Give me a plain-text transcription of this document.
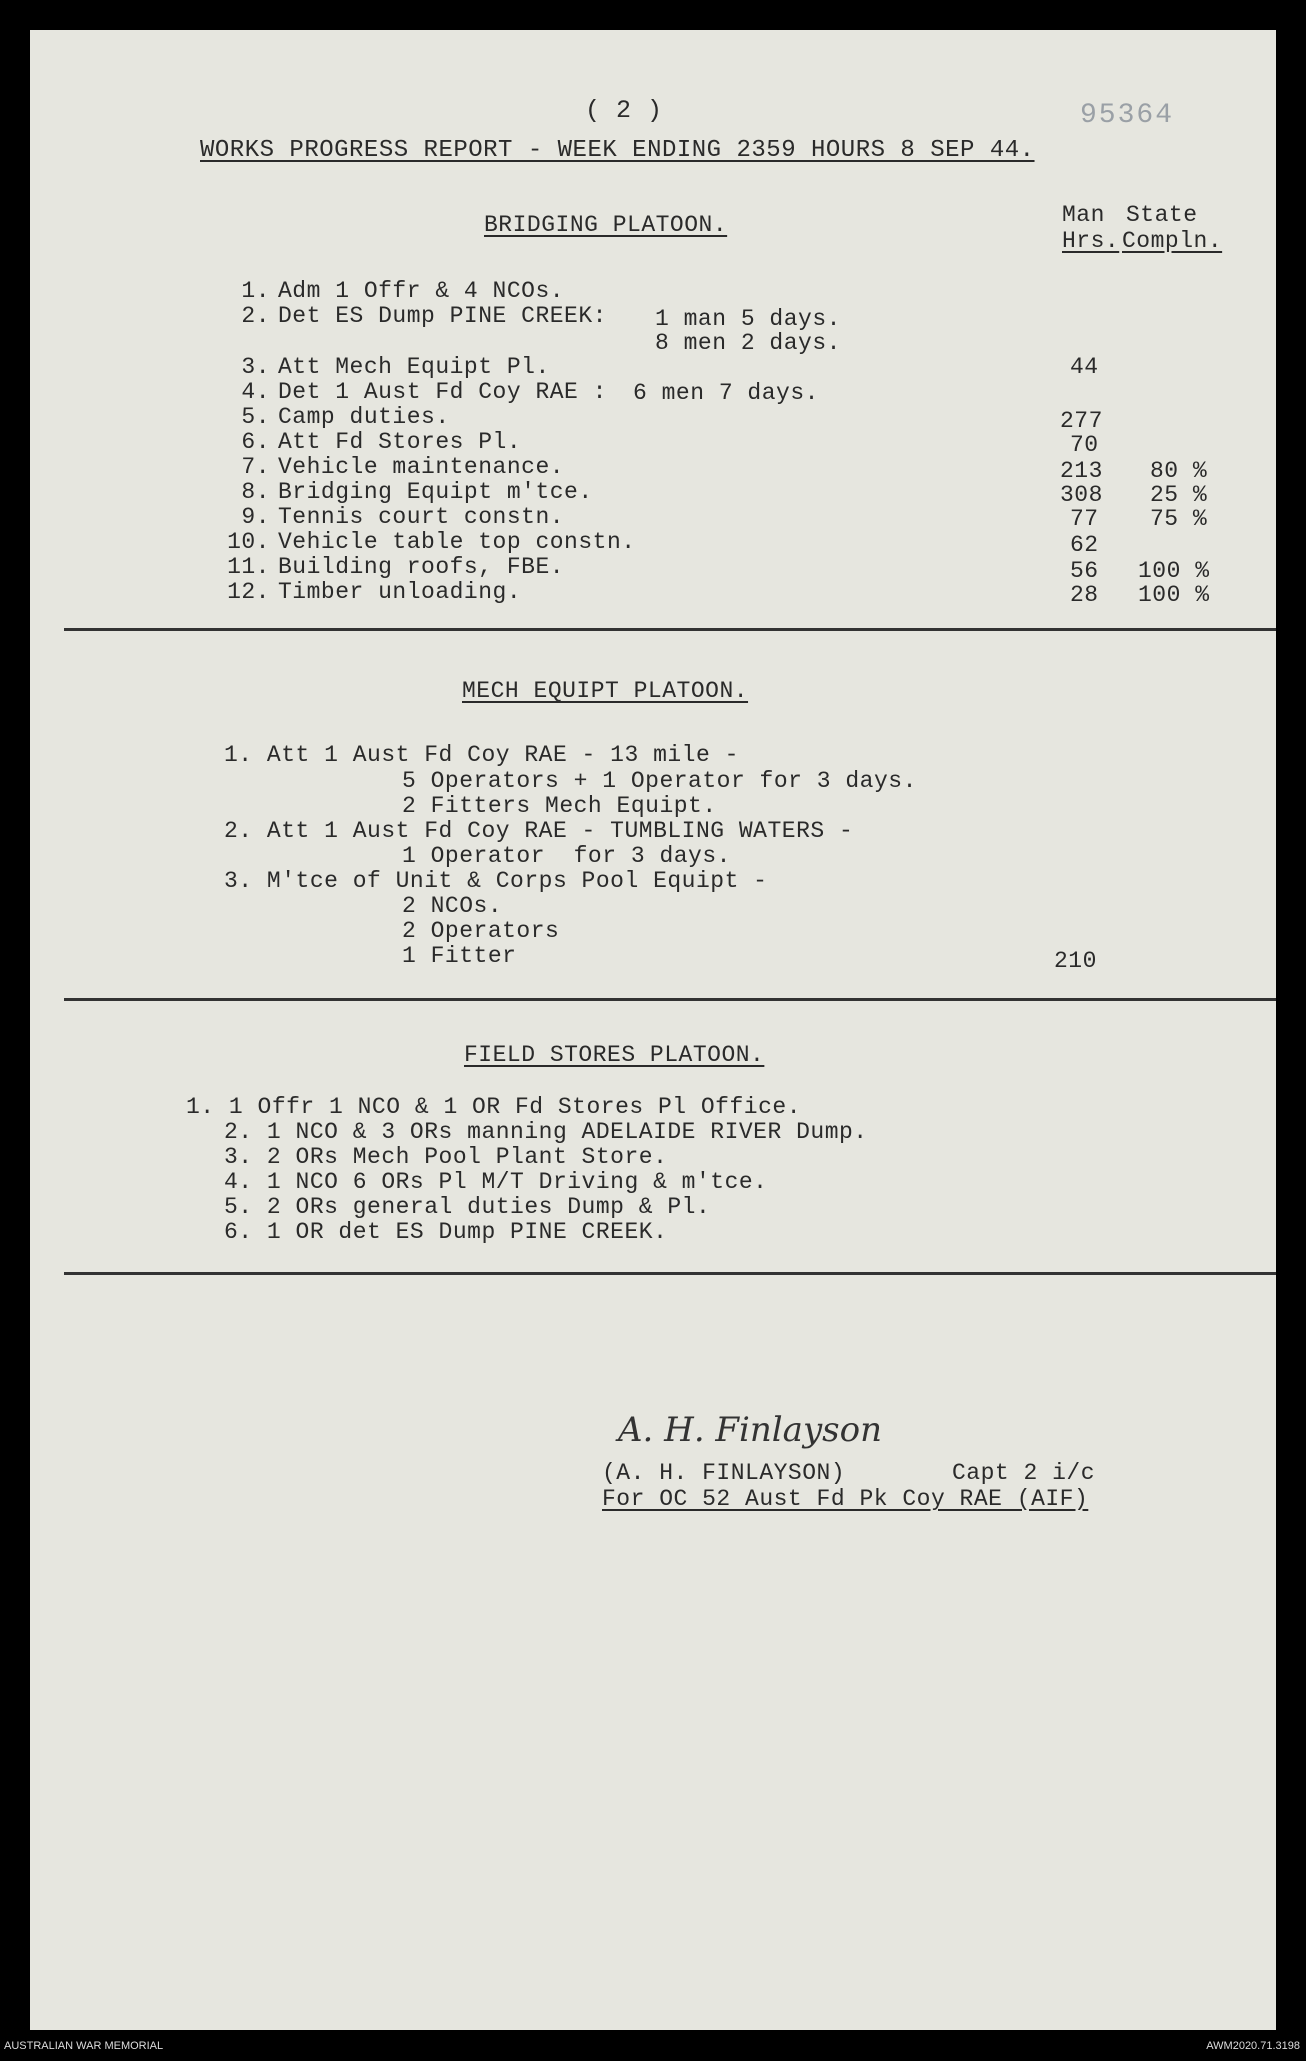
( 2 )	95364
WORKS PROGRESS REPORT - WEEK ENDING 2359 HOURS 8 SEP 44.
Man
Hrs.
State
Compln.
BRIDGING PLATOON.
1. Adm 1 Offr & 4 NCOs.
2. Det ES Dump PINE CREEK: 1 man 5 days.
8 men 2 days.
3. Att Mech Equipt Pl.	44
4. Det 1 Aust Fd Coy RAE : 6 men 7 days.
5. Camp duties.	277
6. Att Fd Stores Pl.	70
7. Vehicle maintenance.	213 80 %
8. Bridging Equipt m'tce.	308 25 %
9. Tennis court constn.	77 75 %
10. Vehicle table top constn.	62
11. Building roofs, FBE.	56 100 %
12. Timber unloading.	28 100 %
MECH EQUIPT PLATOON.
1. Att 1 Aust Fd Coy RAE - 13 mile -
5 Operators + 1 Operator for 3 days.
2 Fitters Mech Equipt.
2. Att 1 Aust Fd Coy RAE - TUMBLING WATERS -
1 Operator  for 3 days.
3. M'tce of Unit & Corps Pool Equipt -
2 NCOs.
2 Operators
1 Fitter	210
FIELD STORES PLATOON.
1. 1 Offr 1 NCO & 1 OR Fd Stores Pl Office.
2. 1 NCO & 3 ORs manning ADELAIDE RIVER Dump.
3. 2 ORs Mech Pool Plant Store.
4. 1 NCO 6 ORs Pl M/T Driving & m'tce.
5. 2 ORs general duties Dump & Pl.
6. 1 OR det ES Dump PINE CREEK.
A. H. Finlayson
(A. H. FINLAYSON)	Capt 2 i/c
For OC 52 Aust Fd Pk Coy RAE (AIF)
AUSTRALIAN WAR MEMORIAL	AWM2020.71.3198
